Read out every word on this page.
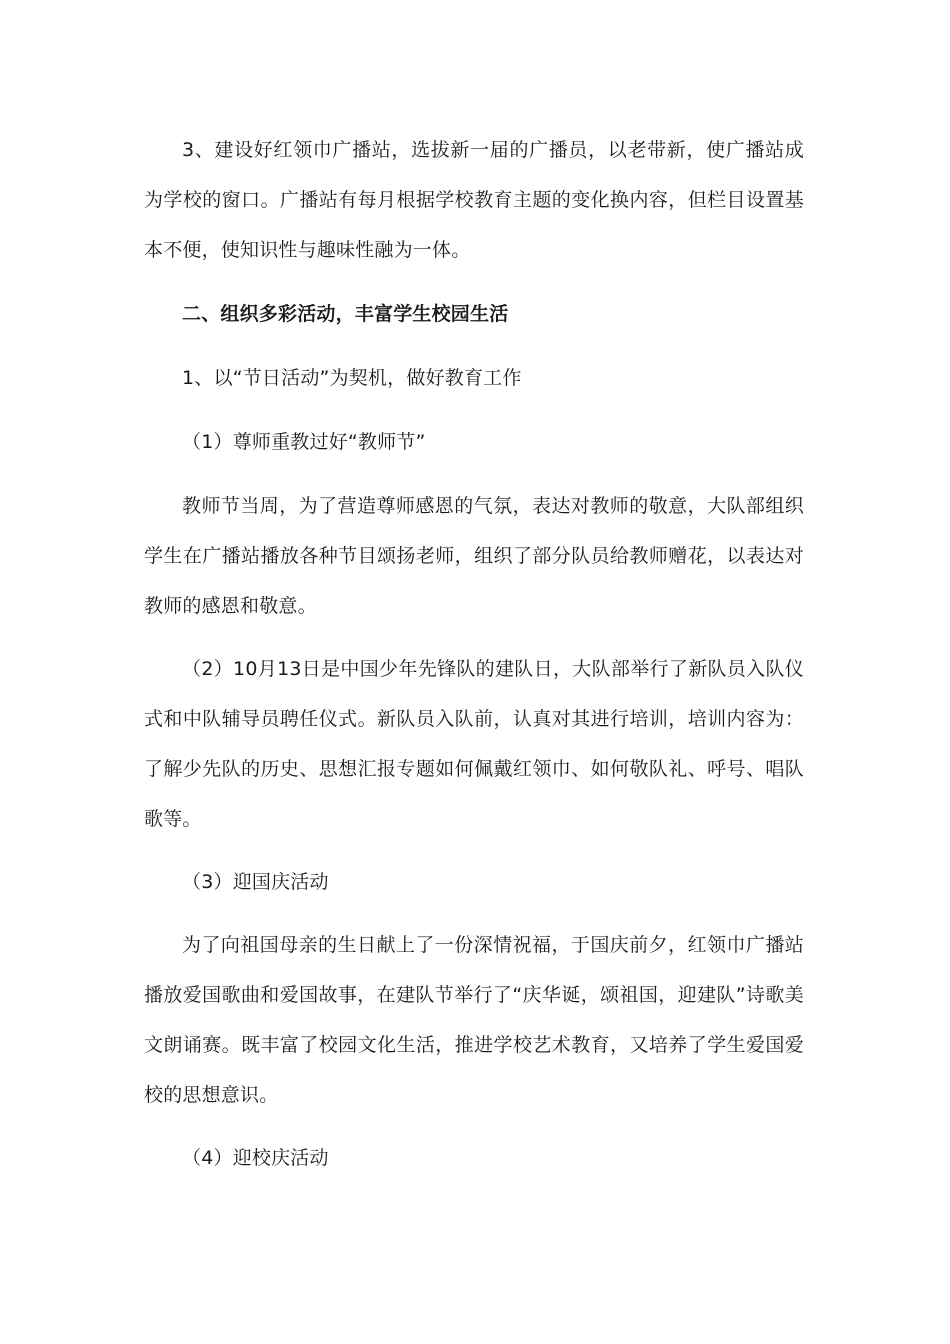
3、建设好红领巾广播站，选拔新一届的广播员，以老带新，使广播站成为学校的窗口。广播站有每月根据学校教育主题的变化换内容，但栏目设置基本不便，使知识性与趣味性融为一体。

二、组织多彩活动，丰富学生校园生活

1、以“节日活动”为契机，做好教育工作

（1）尊师重教过好“教师节”

教师节当周，为了营造尊师感恩的气氛，表达对教师的敬意，大队部组织学生在广播站播放各种节目颂扬老师，组织了部分队员给教师赠花，以表达对教师的感恩和敬意。

（2）10月13日是中国少年先锋队的建队日，大队部举行了新队员入队仪式和中队辅导员聘任仪式。新队员入队前，认真对其进行培训，培训内容为：了解少先队的历史、思想汇报专题如何佩戴红领巾、如何敬队礼、呼号、唱队歌等。

（3）迎国庆活动

为了向祖国母亲的生日献上了一份深情祝福，于国庆前夕，红领巾广播站播放爱国歌曲和爱国故事，在建队节举行了“庆华诞，颂祖国，迎建队”诗歌美文朗诵赛。既丰富了校园文化生活，推进学校艺术教育，又培养了学生爱国爱校的思想意识。

（4）迎校庆活动
